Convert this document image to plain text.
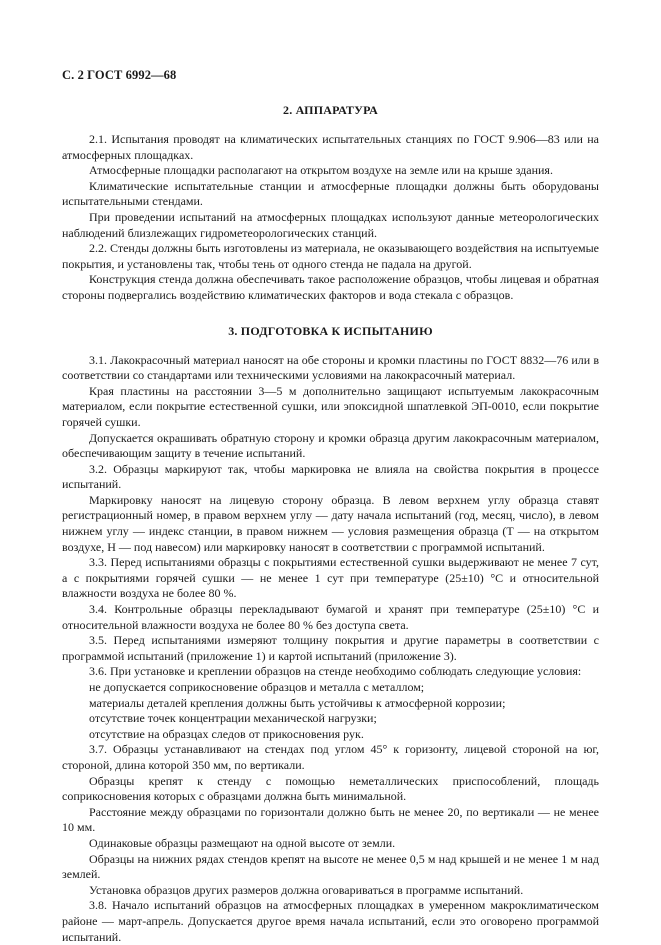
С. 2 ГОСТ 6992—68
2. АППАРАТУРА

2.1. Испытания проводят на климатических испытательных станциях по ГОСТ 9.906—83 или на атмосферных площадках.

Атмосферные площадки располагают на открытом воздухе на земле или на крыше здания.

Климатические испытательные станции и атмосферные площадки должны быть оборудованы испытательными стендами.

При проведении испытаний на атмосферных площадках используют данные метеорологических наблюдений близлежащих гидрометеорологических станций.

2.2. Стенды должны быть изготовлены из материала, не оказывающего воздействия на испытуемые покрытия, и установлены так, чтобы тень от одного стенда не падала на другой.

Конструкция стенда должна обеспечивать такое расположение образцов, чтобы лицевая и обратная стороны подвергались воздействию климатических факторов и вода стекала с образцов.

3. ПОДГОТОВКА К ИСПЫТАНИЮ

3.1. Лакокрасочный материал наносят на обе стороны и кромки пластины по ГОСТ 8832—76 или в соответствии со стандартами или техническими условиями на лакокрасочный материал.

Края пластины на расстоянии 3—5 м дополнительно защищают испытуемым лакокрасочным материалом, если покрытие естественной сушки, или эпоксидной шпатлевкой ЭП-0010, если покрытие горячей сушки.

Допускается окрашивать обратную сторону и кромки образца другим лакокрасочным материалом, обеспечивающим защиту в течение испытаний.

3.2. Образцы маркируют так, чтобы маркировка не влияла на свойства покрытия в процессе испытаний.

Маркировку наносят на лицевую сторону образца. В левом верхнем углу образца ставят регистрационный номер, в правом верхнем углу — дату начала испытаний (год, месяц, число), в левом нижнем углу — индекс станции, в правом нижнем — условия размещения образца (Т — на открытом воздухе, Н — под навесом) или маркировку наносят в соответствии с программой испытаний.

3.3. Перед испытаниями образцы с покрытиями естественной сушки выдерживают не менее 7 сут, а с покрытиями горячей сушки — не менее 1 сут при температуре (25±10) °С и относительной влажности воздуха не более 80 %.

3.4. Контрольные образцы перекладывают бумагой и хранят при температуре (25±10) °С и относительной влажности воздуха не более 80 % без доступа света.

3.5. Перед испытаниями измеряют толщину покрытия и другие параметры в соответствии с программой испытаний (приложение 1) и картой испытаний (приложение 3).

3.6. При установке и креплении образцов на стенде необходимо соблюдать следующие условия:

не допускается соприкосновение образцов и металла с металлом;

материалы деталей крепления должны быть устойчивы к атмосферной коррозии;

отсутствие точек концентрации механической нагрузки;

отсутствие на образцах следов от прикосновения рук.

3.7. Образцы устанавливают на стендах под углом 45° к горизонту, лицевой стороной на юг, стороной, длина которой 350 мм, по вертикали.

Образцы крепят к стенду с помощью неметаллических приспособлений, площадь соприкосновения которых с образцами должна быть минимальной.

Расстояние между образцами по горизонтали должно быть не менее 20, по вертикали — не менее 10 мм.

Одинаковые образцы размещают на одной высоте от земли.

Образцы на нижних рядах стендов крепят на высоте не менее 0,5 м над крышей и не менее 1 м над землей.

Установка образцов других размеров должна оговариваться в программе испытаний.

3.8. Начало испытаний образцов на атмосферных площадках в умеренном макроклиматическом районе — март-апрель. Допускается другое время начала испытаний, если это оговорено программой испытаний.
